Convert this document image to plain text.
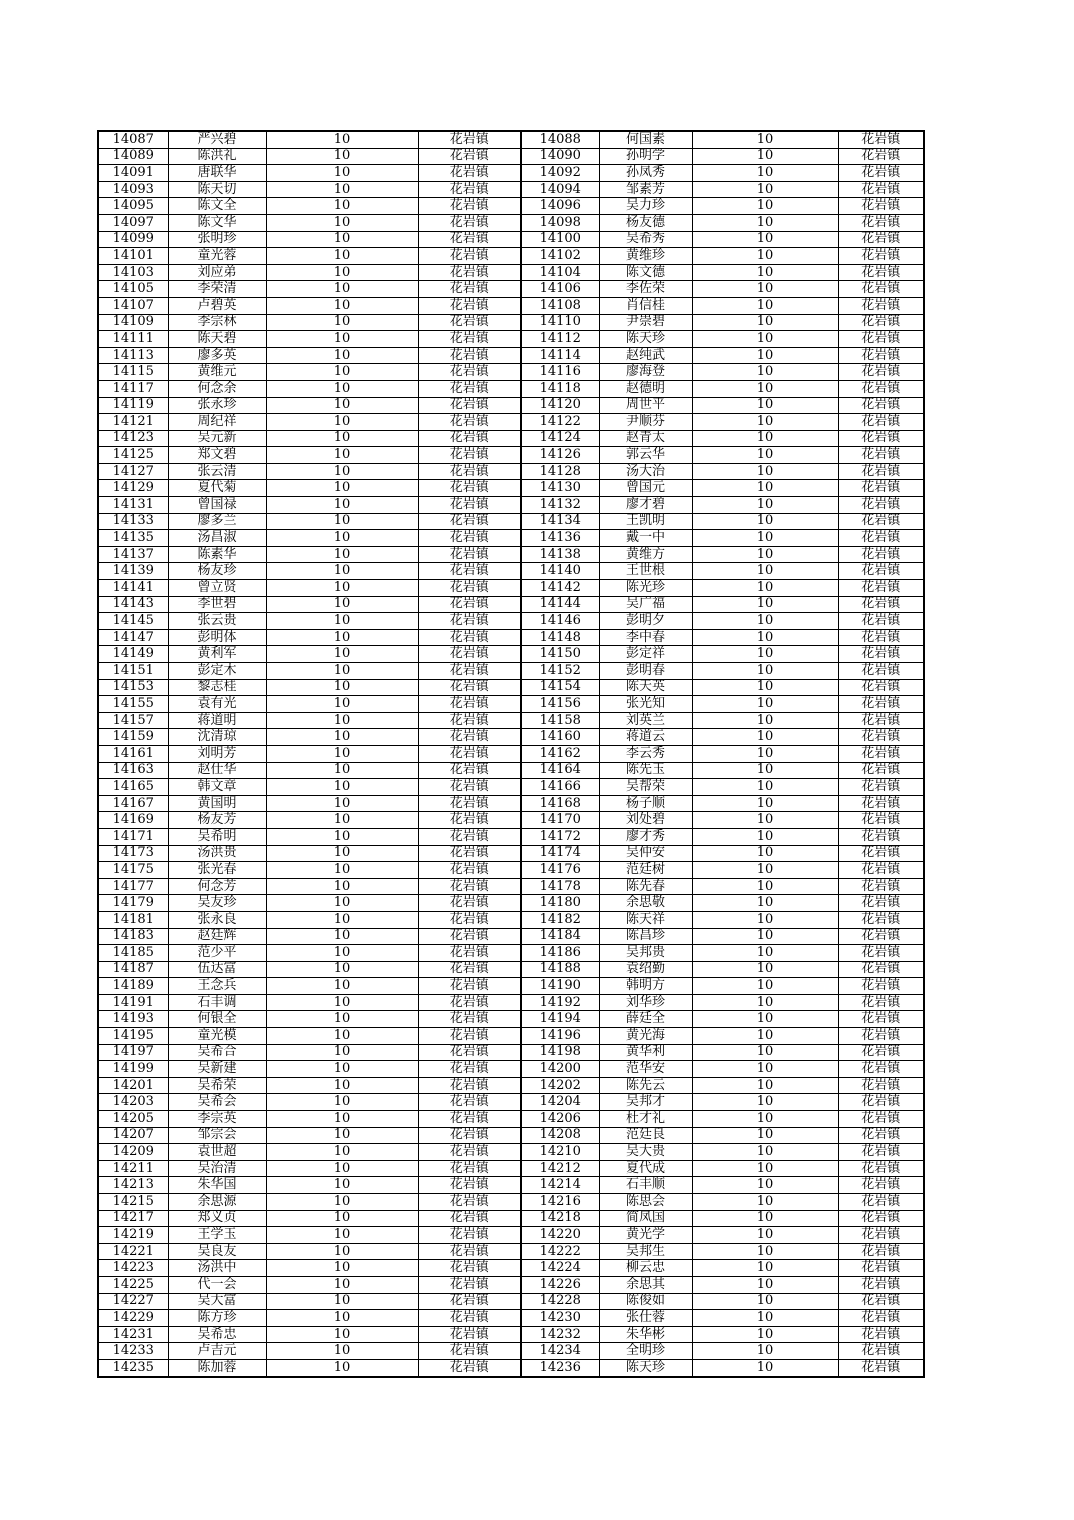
14087	严兴碧	10	花岩镇	14088	何国素	10	花岩镇
14089	陈洪礼	10	花岩镇	14090	孙明学	10	花岩镇
14091	唐联华	10	花岩镇	14092	孙凤秀	10	花岩镇
14093	陈天切	10	花岩镇	14094	邹素芳	10	花岩镇
14095	陈文全	10	花岩镇	14096	吴力珍	10	花岩镇
14097	陈文华	10	花岩镇	14098	杨友德	10	花岩镇
14099	张明珍	10	花岩镇	14100	吴希秀	10	花岩镇
14101	童光蓉	10	花岩镇	14102	黄维珍	10	花岩镇
14103	刘应弟	10	花岩镇	14104	陈文德	10	花岩镇
14105	李荣清	10	花岩镇	14106	李佐荣	10	花岩镇
14107	卢碧英	10	花岩镇	14108	肖信桂	10	花岩镇
14109	李宗林	10	花岩镇	14110	尹崇碧	10	花岩镇
14111	陈天碧	10	花岩镇	14112	陈天珍	10	花岩镇
14113	廖多英	10	花岩镇	14114	赵纯武	10	花岩镇
14115	黄维元	10	花岩镇	14116	廖海登	10	花岩镇
14117	何念余	10	花岩镇	14118	赵德明	10	花岩镇
14119	张永珍	10	花岩镇	14120	周世平	10	花岩镇
14121	周纪祥	10	花岩镇	14122	尹顺芬	10	花岩镇
14123	吴元新	10	花岩镇	14124	赵青太	10	花岩镇
14125	郑文碧	10	花岩镇	14126	郭云华	10	花岩镇
14127	张云清	10	花岩镇	14128	汤大治	10	花岩镇
14129	夏代菊	10	花岩镇	14130	曾国元	10	花岩镇
14131	曾国禄	10	花岩镇	14132	廖才碧	10	花岩镇
14133	廖多兰	10	花岩镇	14134	王凯明	10	花岩镇
14135	汤昌淑	10	花岩镇	14136	戴一中	10	花岩镇
14137	陈素华	10	花岩镇	14138	黄维方	10	花岩镇
14139	杨友珍	10	花岩镇	14140	王世根	10	花岩镇
14141	曾立贤	10	花岩镇	14142	陈光珍	10	花岩镇
14143	李世碧	10	花岩镇	14144	吴广福	10	花岩镇
14145	张云贵	10	花岩镇	14146	彭明夕	10	花岩镇
14147	彭明体	10	花岩镇	14148	李中春	10	花岩镇
14149	黄利军	10	花岩镇	14150	彭定祥	10	花岩镇
14151	彭定木	10	花岩镇	14152	彭明春	10	花岩镇
14153	黎志桂	10	花岩镇	14154	陈天英	10	花岩镇
14155	袁有光	10	花岩镇	14156	张光知	10	花岩镇
14157	蒋道明	10	花岩镇	14158	刘英兰	10	花岩镇
14159	沈清琼	10	花岩镇	14160	蒋道云	10	花岩镇
14161	刘明芳	10	花岩镇	14162	李云秀	10	花岩镇
14163	赵仕华	10	花岩镇	14164	陈先玉	10	花岩镇
14165	韩文章	10	花岩镇	14166	吴帮荣	10	花岩镇
14167	黄国明	10	花岩镇	14168	杨子顺	10	花岩镇
14169	杨友芳	10	花岩镇	14170	刘处碧	10	花岩镇
14171	吴希明	10	花岩镇	14172	廖才秀	10	花岩镇
14173	汤洪贵	10	花岩镇	14174	吴仲安	10	花岩镇
14175	张光春	10	花岩镇	14176	范廷树	10	花岩镇
14177	何念芳	10	花岩镇	14178	陈先春	10	花岩镇
14179	吴友珍	10	花岩镇	14180	余思敬	10	花岩镇
14181	张永良	10	花岩镇	14182	陈天祥	10	花岩镇
14183	赵廷辉	10	花岩镇	14184	陈昌珍	10	花岩镇
14185	范少平	10	花岩镇	14186	吴邦贵	10	花岩镇
14187	伍达富	10	花岩镇	14188	袁绍勤	10	花岩镇
14189	王念兵	10	花岩镇	14190	韩明方	10	花岩镇
14191	石丰调	10	花岩镇	14192	刘华珍	10	花岩镇
14193	何银全	10	花岩镇	14194	薛廷全	10	花岩镇
14195	童光模	10	花岩镇	14196	黄光海	10	花岩镇
14197	吴希合	10	花岩镇	14198	黄华利	10	花岩镇
14199	吴新建	10	花岩镇	14200	范华安	10	花岩镇
14201	吴希荣	10	花岩镇	14202	陈先云	10	花岩镇
14203	吴希会	10	花岩镇	14204	吴邦才	10	花岩镇
14205	李宗英	10	花岩镇	14206	杜才礼	10	花岩镇
14207	邹宗会	10	花岩镇	14208	范廷良	10	花岩镇
14209	袁世超	10	花岩镇	14210	吴大贵	10	花岩镇
14211	吴治清	10	花岩镇	14212	夏代成	10	花岩镇
14213	朱华国	10	花岩镇	14214	石丰顺	10	花岩镇
14215	余思源	10	花岩镇	14216	陈思会	10	花岩镇
14217	郑义贞	10	花岩镇	14218	简凤国	10	花岩镇
14219	王学玉	10	花岩镇	14220	黄光学	10	花岩镇
14221	吴良友	10	花岩镇	14222	吴邦生	10	花岩镇
14223	汤洪中	10	花岩镇	14224	柳云忠	10	花岩镇
14225	代一会	10	花岩镇	14226	余思其	10	花岩镇
14227	吴大富	10	花岩镇	14228	陈俊如	10	花岩镇
14229	陈方珍	10	花岩镇	14230	张仕蓉	10	花岩镇
14231	吴希忠	10	花岩镇	14232	朱华彬	10	花岩镇
14233	卢吉元	10	花岩镇	14234	全明珍	10	花岩镇
14235	陈加蓉	10	花岩镇	14236	陈天珍	10	花岩镇
